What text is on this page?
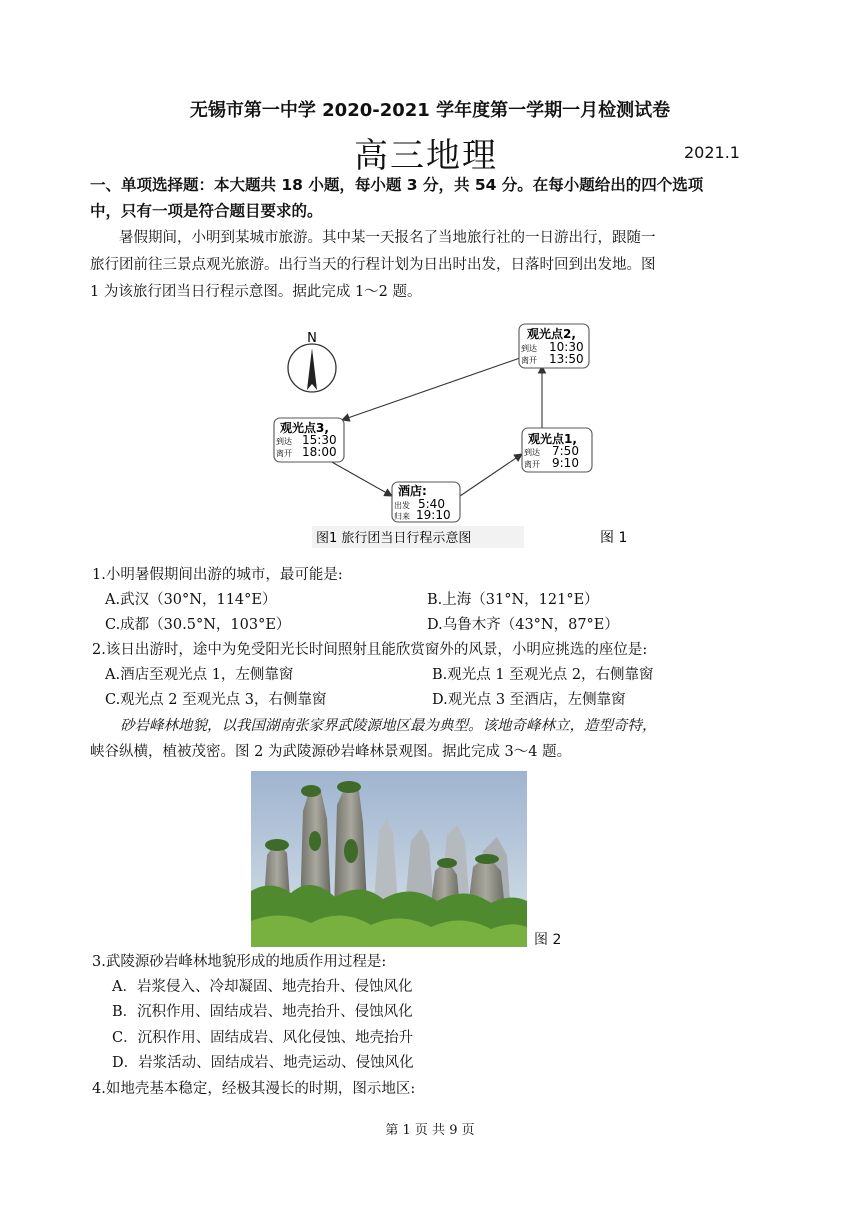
无锡市第一中学 2020-2021 学年度第一学期一月检测试卷
高三地理	2021.1
一、单项选择题：本大题共 18 小题，每小题 3 分，共 54 分。在每小题给出的四个选项
中，只有一项是符合题目要求的。
暑假期间，小明到某城市旅游。其中某一天报名了当地旅行社的一日游出行，跟随一
旅行团前往三景点观光旅游。出行当天的行程计划为日出时出发，日落时回到出发地。图
1 为该旅行团当日行程示意图。据此完成 1～2 题。
N	观光点2,
到达 10:30
离开 13:50
观光点3,
到达 15:30
离开 18:00
观光点1,
到达 7:50
离开 9:10
酒店:
出发 5:40
归来 19:10
图1 旅行团当日行程示意图	图 1
1.小明暑假期间出游的城市，最可能是:
A.武汉（30°N，114°E）	B.上海（31°N，121°E）
C.成都（30.5°N，103°E）	D.乌鲁木齐（43°N，87°E）
2.该日出游时，途中为免受阳光长时间照射且能欣赏窗外的风景，小明应挑选的座位是:
A.酒店至观光点 1，左侧靠窗	B.观光点 1 至观光点 2，右侧靠窗
C.观光点 2 至观光点 3，右侧靠窗	D.观光点 3 至酒店，左侧靠窗
砂岩峰林地貌，以我国湖南张家界武陵源地区最为典型。该地奇峰林立，造型奇特，
峡谷纵横，植被茂密。图 2 为武陵源砂岩峰林景观图。据此完成 3～4 题。
图 2
3.武陵源砂岩峰林地貌形成的地质作用过程是:
A．岩浆侵入、冷却凝固、地壳抬升、侵蚀风化
B．沉积作用、固结成岩、地壳抬升、侵蚀风化
C．沉积作用、固结成岩、风化侵蚀、地壳抬升
D．岩浆活动、固结成岩、地壳运动、侵蚀风化
4.如地壳基本稳定，经极其漫长的时期，图示地区:
第 1 页 共 9 页
